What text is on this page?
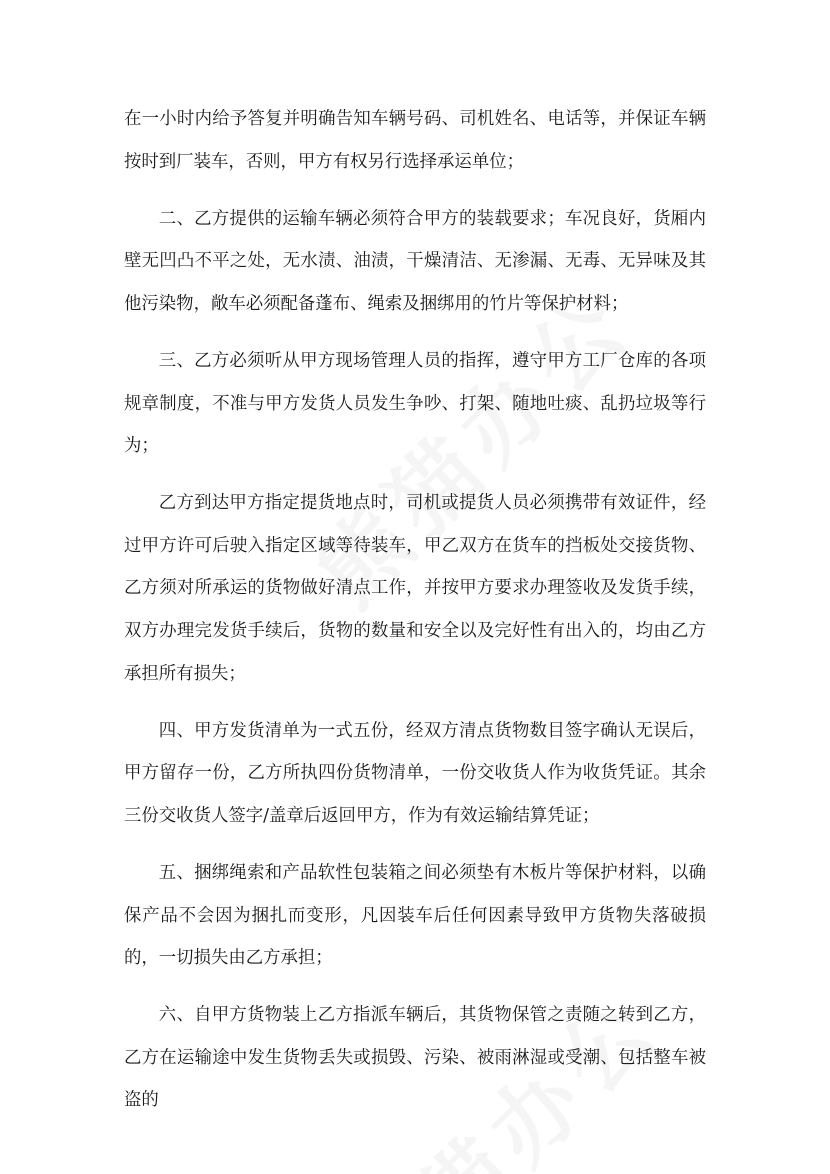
在一小时内给予答复并明确告知车辆号码、司机姓名、电话等，并保证车辆按时到厂装车，否则，甲方有权另行选择承运单位；

二、乙方提供的运输车辆必须符合甲方的装载要求；车况良好，货厢内壁无凹凸不平之处，无水渍、油渍，干燥清洁、无渗漏、无毒、无异味及其他污染物，敞车必须配备蓬布、绳索及捆绑用的竹片等保护材料；

三、乙方必须听从甲方现场管理人员的指挥，遵守甲方工厂仓库的各项规章制度，不准与甲方发货人员发生争吵、打架、随地吐痰、乱扔垃圾等行为；

乙方到达甲方指定提货地点时，司机或提货人员必须携带有效证件，经过甲方许可后驶入指定区域等待装车，甲乙双方在货车的挡板处交接货物、乙方须对所承运的货物做好清点工作，并按甲方要求办理签收及发货手续，双方办理完发货手续后，货物的数量和安全以及完好性有出入的，均由乙方承担所有损失；

四、甲方发货清单为一式五份，经双方清点货物数目签字确认无误后，甲方留存一份，乙方所执四份货物清单，一份交收货人作为收货凭证。其余三份交收货人签字/盖章后返回甲方，作为有效运输结算凭证；

五、捆绑绳索和产品软性包装箱之间必须垫有木板片等保护材料，以确保产品不会因为捆扎而变形，凡因装车后任何因素导致甲方货物失落破损的，一切损失由乙方承担；

六、自甲方货物装上乙方指派车辆后，其货物保管之责随之转到乙方，乙方在运输途中发生货物丢失或损毁、污染、被雨淋湿或受潮、包括整车被盗的
